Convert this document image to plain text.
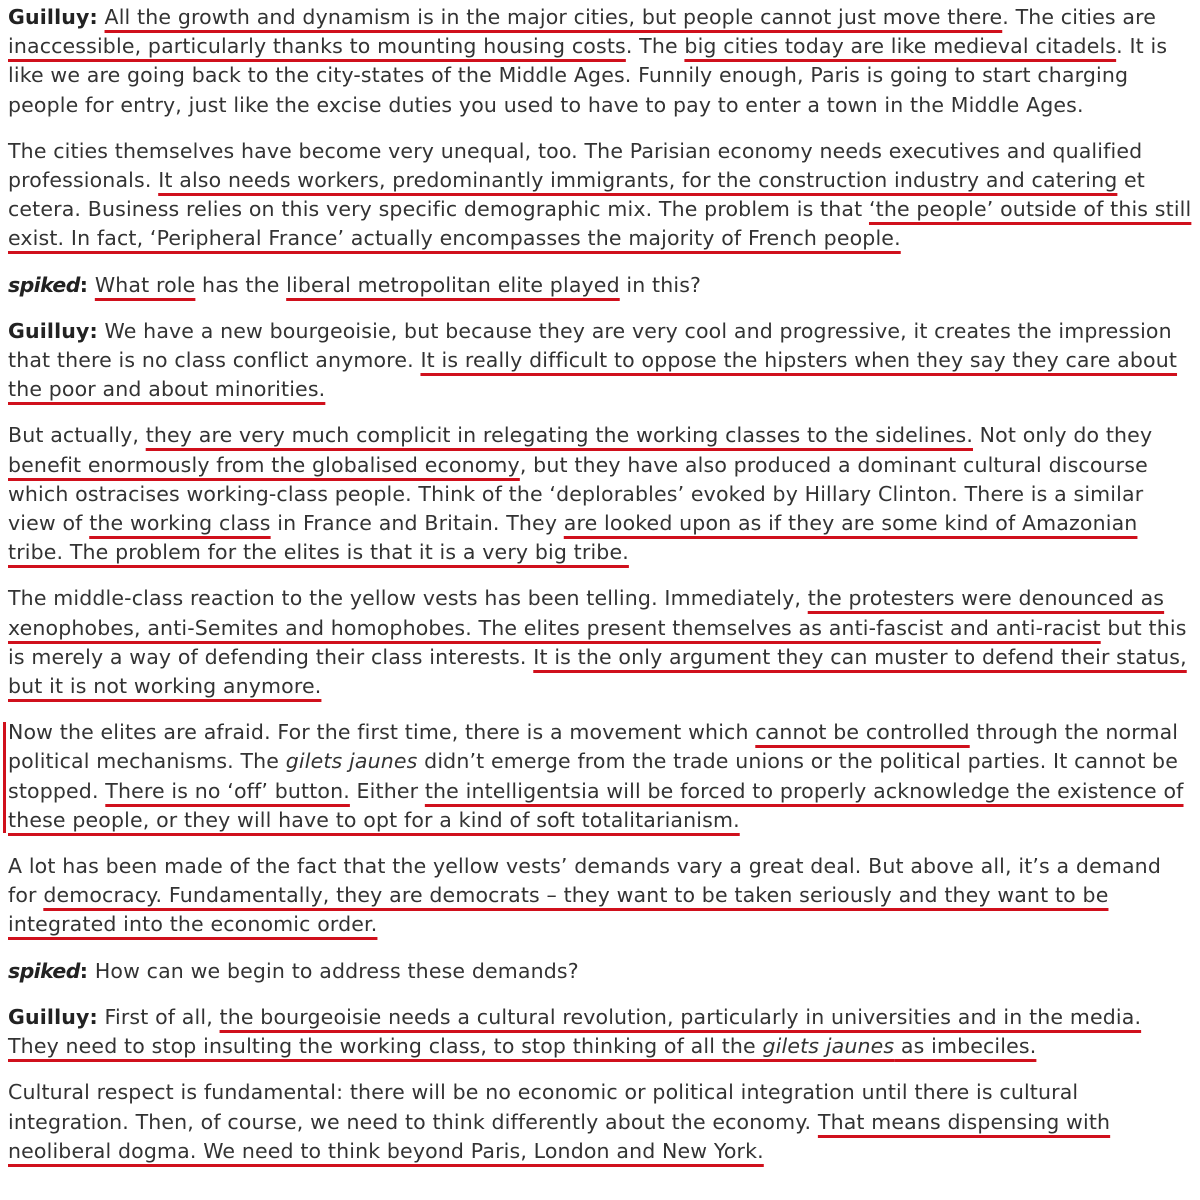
Guilluy: All the growth and dynamism is in the major cities, but people cannot just move there. The cities are inaccessible, particularly thanks to mounting housing costs. The big cities today are like medieval citadels. It is like we are going back to the city-states of the Middle Ages. Funnily enough, Paris is going to start charging people for entry, just like the excise duties you used to have to pay to enter a town in the Middle Ages.

The cities themselves have become very unequal, too. The Parisian economy needs executives and qualified professionals. It also needs workers, predominantly immigrants, for the construction industry and catering et cetera. Business relies on this very specific demographic mix. The problem is that ‘the people’ outside of this still exist. In fact, ‘Peripheral France’ actually encompasses the majority of French people.

spiked: What role has the liberal metropolitan elite played in this?

Guilluy: We have a new bourgeoisie, but because they are very cool and progressive, it creates the impression that there is no class conflict anymore. It is really difficult to oppose the hipsters when they say they care about the poor and about minorities.

But actually, they are very much complicit in relegating the working classes to the sidelines. Not only do they benefit enormously from the globalised economy, but they have also produced a dominant cultural discourse which ostracises working-class people. Think of the ‘deplorables’ evoked by Hillary Clinton. There is a similar view of the working class in France and Britain. They are looked upon as if they are some kind of Amazonian tribe. The problem for the elites is that it is a very big tribe.

The middle-class reaction to the yellow vests has been telling. Immediately, the protesters were denounced as xenophobes, anti-Semites and homophobes. The elites present themselves as anti-fascist and anti-racist but this is merely a way of defending their class interests. It is the only argument they can muster to defend their status, but it is not working anymore.

Now the elites are afraid. For the first time, there is a movement which cannot be controlled through the normal political mechanisms. The gilets jaunes didn’t emerge from the trade unions or the political parties. It cannot be stopped. There is no ‘off’ button. Either the intelligentsia will be forced to properly acknowledge the existence of these people, or they will have to opt for a kind of soft totalitarianism.

A lot has been made of the fact that the yellow vests’ demands vary a great deal. But above all, it’s a demand for democracy. Fundamentally, they are democrats – they want to be taken seriously and they want to be integrated into the economic order.

spiked: How can we begin to address these demands?

Guilluy: First of all, the bourgeoisie needs a cultural revolution, particularly in universities and in the media. They need to stop insulting the working class, to stop thinking of all the gilets jaunes as imbeciles.

Cultural respect is fundamental: there will be no economic or political integration until there is cultural integration. Then, of course, we need to think differently about the economy. That means dispensing with neoliberal dogma. We need to think beyond Paris, London and New York.
